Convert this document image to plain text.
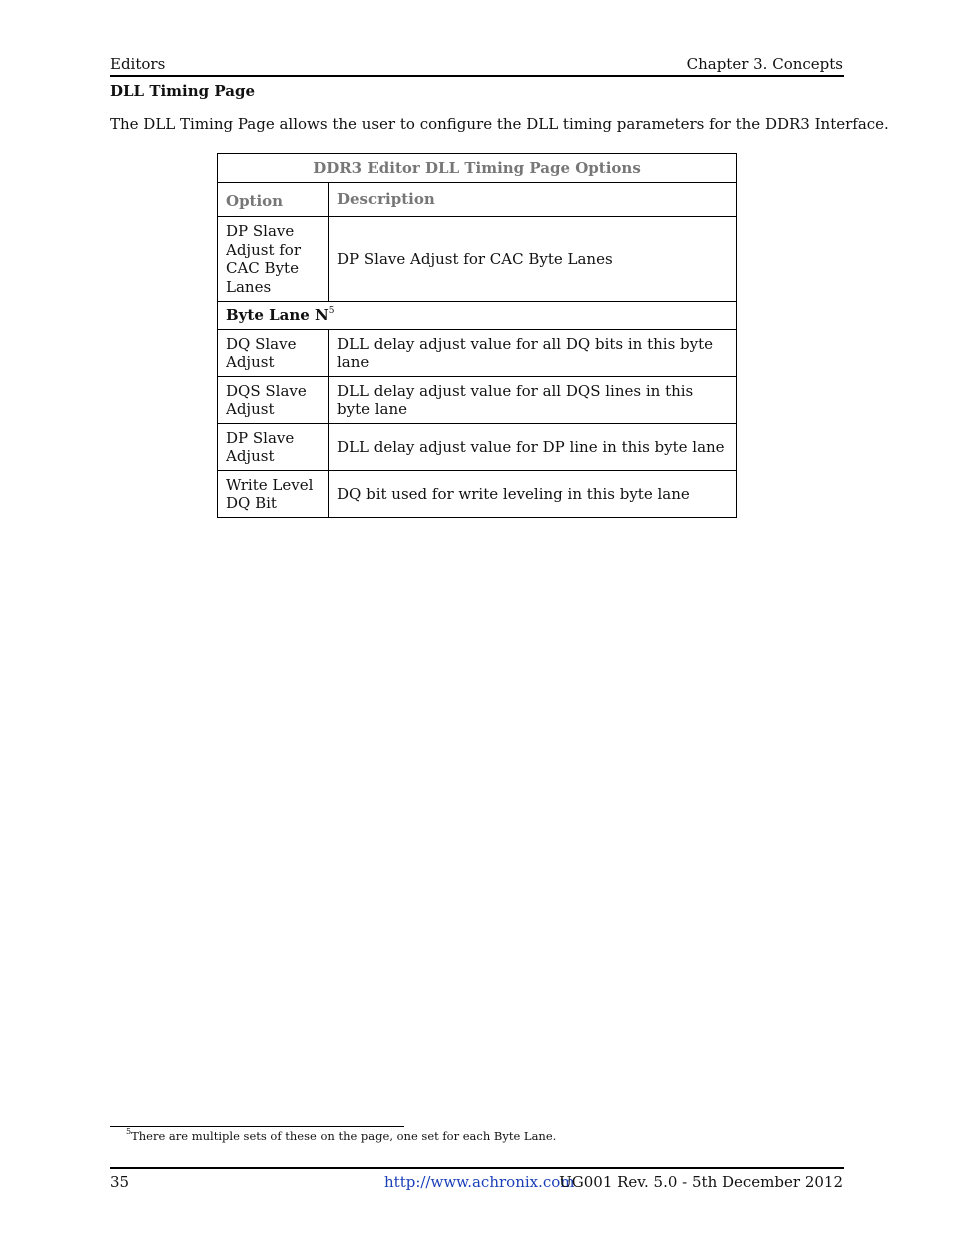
Editors	Chapter 3. Concepts
DLL Timing Page
The DLL Timing Page allows the user to configure the DLL timing parameters for the DDR3 Interface.
DDR3 Editor DLL Timing Page Options	
Option	Description
DP Slave Adjust for CAC Byte Lanes	DP Slave Adjust for CAC Byte Lanes
Byte Lane $N^5$
DQ Slave Adjust	DLL delay adjust value for all DQ bits in this byte lane
DQS Slave Adjust	DLL delay adjust value for all DQS lines in this byte lane
DP Slave Adjust	DLL delay adjust value for DP line in this byte lane
Write Level DQ Bit	DQ bit used for write leveling in this byte lane
$^5$There are multiple sets of these on the page, one set for each Byte Lane.
35	http://www.achronix.com
UG001 Rev. 5.0 - 5th December 2012
